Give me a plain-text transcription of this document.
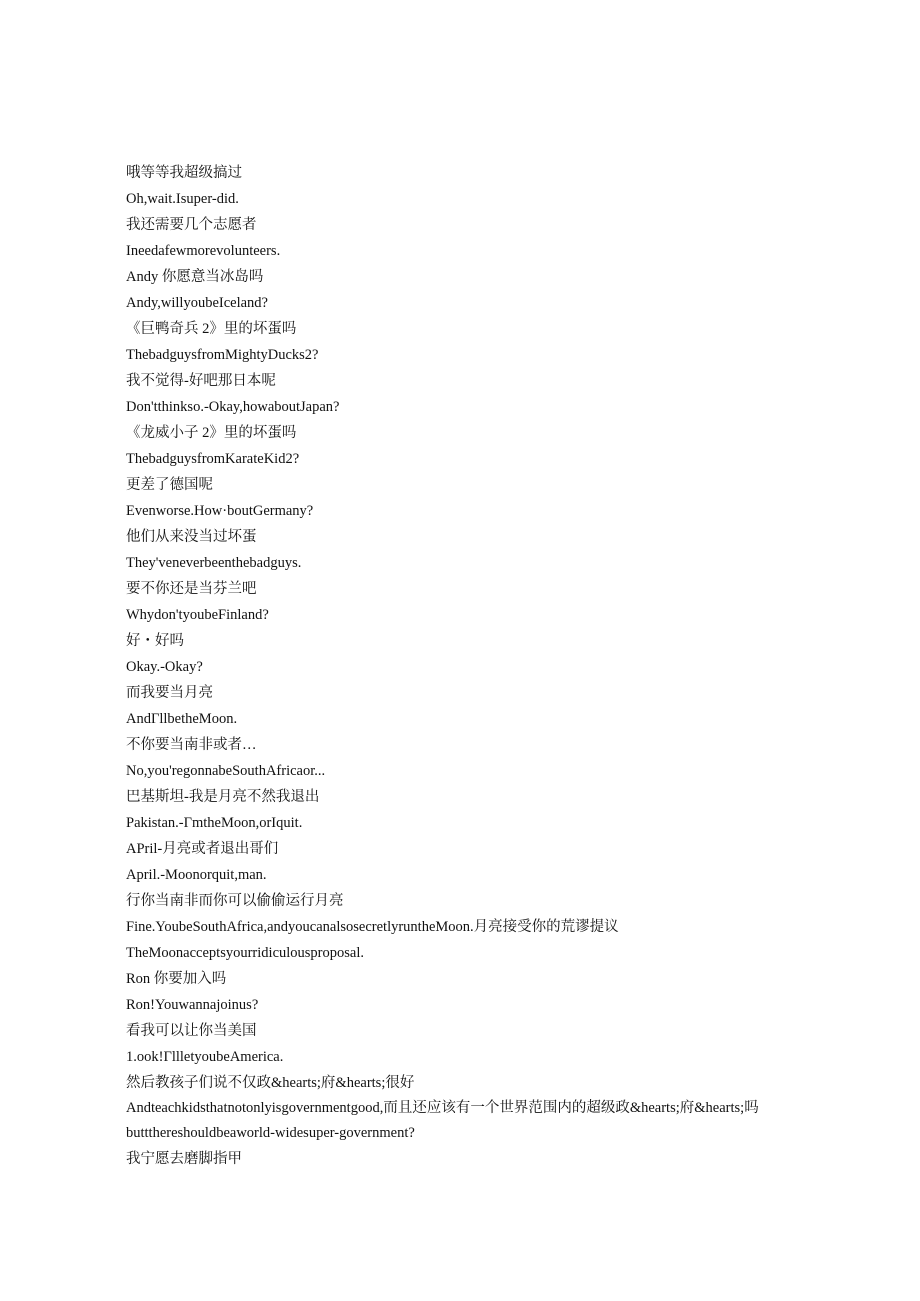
哦等等我超级搞过
Oh,wait.Isuper-did.
我还需要几个志愿者
Ineedafewmorevolunteers.
Andy 你愿意当冰岛吗
Andy,willyoubeIceland?
《巨鸭奇兵 2》里的坏蛋吗
ThebadguysfromMightyDucks2?
我不觉得-好吧那日本呢
Don'tthinkso.-Okay,howaboutJapan?
《龙威小子 2》里的坏蛋吗
ThebadguysfromKarateKid2?
更差了德国呢
Evenworse.How·boutGermany?
他们从来没当过坏蛋
They'veneverbeenthebadguys.
要不你还是当芬兰吧
Whydon'tyoubeFinland?
好・好吗
Okay.-Okay?
而我要当月亮
AndΓllbetheMoon.
不你要当南非或者…
No,you'regonnabeSouthAfricaor...
巴基斯坦-我是月亮不然我退出
Pakistan.-ΓmtheMoon,orIquit.
APril-月亮或者退出哥们
April.-Moonorquit,man.
行你当南非而你可以偷偷运行月亮
Fine.YoubeSouthAfrica,andyoucanalsosecretlyruntheMoon.月亮接受你的荒谬提议
TheMoonacceptsyourridiculousproposal.
Ron 你要加入吗
Ron!Youwannajoinus?
看我可以让你当美国
1.ook!ΓllletyoubeAmerica.
然后教孩子们说不仅政&hearts;府&hearts;很好
Andteachkidsthatnotonlyisgovernmentgood,而且还应该有一个世界范围内的超级政&hearts;府&hearts;吗 buttthereshouldbeaworld-widesuper-government?
我宁愿去磨脚指甲
